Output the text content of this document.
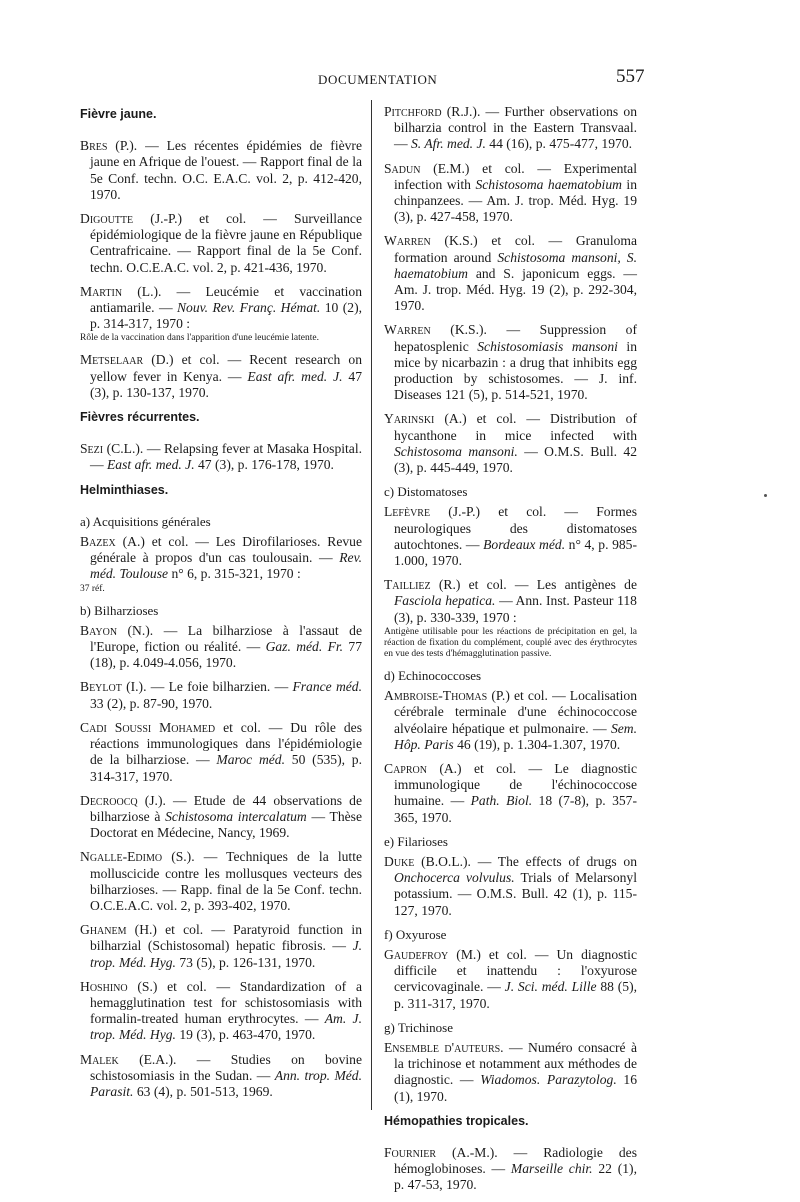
DOCUMENTATION	557
Fièvre jaune.
Bres (P.). — Les récentes épidémies de fièvre jaune en Afrique de l'ouest. — Rapport final de la 5e Conf. techn. O.C. E.A.C. vol. 2, p. 412-420, 1970.
Digoutte (J.-P.) et col. — Surveillance épidémiologique de la fièvre jaune en République Centrafricaine. — Rapport final de la 5e Conf. techn. O.C.E.A.C. vol. 2, p. 421-436, 1970.
Martin (L.). — Leucémie et vaccination antiamarile. — Nouv. Rev. Franç. Hémat. 10 (2), p. 314-317, 1970 :
Rôle de la vaccination dans l'apparition d'une leucémie latente.
Metselaar (D.) et col. — Recent research on yellow fever in Kenya. — East afr. med. J. 47 (3), p. 130-137, 1970.
Fièvres récurrentes.
Sezi (C.L.). — Relapsing fever at Masaka Hospital. — East afr. med. J. 47 (3), p. 176-178, 1970.
Helminthiases.
a) Acquisitions générales
Bazex (A.) et col. — Les Dirofilarioses. Revue générale à propos d'un cas toulousain. — Rev. méd. Toulouse n° 6, p. 315-321, 1970 :
37 réf.
b) Bilharzioses
Bayon (N.). — La bilharziose à l'assaut de l'Europe, fiction ou réalité. — Gaz. méd. Fr. 77 (18), p. 4.049-4.056, 1970.
Beylot (I.). — Le foie bilharzien. — France méd. 33 (2), p. 87-90, 1970.
Cadi Soussi Mohamed et col. — Du rôle des réactions immunologiques dans l'épidémiologie de la bilharziose. — Maroc méd. 50 (535), p. 314-317, 1970.
Decroocq (J.). — Etude de 44 observations de bilharziose à Schistosoma intercalatum — Thèse Doctorat en Médecine, Nancy, 1969.
Ngalle-Edimo (S.). — Techniques de la lutte molluscicide contre les mollusques vecteurs des bilharzioses. — Rapp. final de la 5e Conf. techn. O.C.E.A.C. vol. 2, p. 393-402, 1970.
Ghanem (H.) et col. — Paratyroid function in bilharzial (Schistosomal) hepatic fibrosis. — J. trop. Méd. Hyg. 73 (5), p. 126-131, 1970.
Hoshino (S.) et col. — Standardization of a hemagglutination test for schistosomiasis with formalin-treated human erythrocytes. — Am. J. trop. Méd. Hyg. 19 (3), p. 463-470, 1970.
Malek (E.A.). — Studies on bovine schistosomiasis in the Sudan. — Ann. trop. Méd. Parasit. 63 (4), p. 501-513, 1969.
Pitchford (R.J.). — Further observations on bilharzia control in the Eastern Transvaal. — S. Afr. med. J. 44 (16), p. 475-477, 1970.
Sadun (E.M.) et col. — Experimental infection with Schistosoma haematobium in chinpanzees. — Am. J. trop. Méd. Hyg. 19 (3), p. 427-458, 1970.
Warren (K.S.) et col. — Granuloma formation around Schistosoma mansoni, S. haematobium and S. japonicum eggs. — Am. J. trop. Méd. Hyg. 19 (2), p. 292-304, 1970.
Warren (K.S.). — Suppression of hepatosplenic Schistosomiasis mansoni in mice by nicarbazin : a drug that inhibits egg production by schistosomes. — J. inf. Diseases 121 (5), p. 514-521, 1970.
Yarinski (A.) et col. — Distribution of hycanthone in mice infected with Schistosoma mansoni. — O.M.S. Bull. 42 (3), p. 445-449, 1970.
c) Distomatoses
Lefèvre (J.-P.) et col. — Formes neurologiques des distomatoses autochtones. — Bordeaux méd. n° 4, p. 985-1.000, 1970.
Tailliez (R.) et col. — Les antigènes de Fasciola hepatica. — Ann. Inst. Pasteur 118 (3), p. 330-339, 1970 :
Antigène utilisable pour les réactions de précipitation en gel, la réaction de fixation du complément, couplé avec des érythrocytes en vue des tests d'hémagglutination passive.
d) Echinococcoses
Ambroise-Thomas (P.) et col. — Localisation cérébrale terminale d'une échinococcose alvéolaire hépatique et pulmonaire. — Sem. Hôp. Paris 46 (19), p. 1.304-1.307, 1970.
Capron (A.) et col. — Le diagnostic immunologique de l'échinococcose humaine. — Path. Biol. 18 (7-8), p. 357-365, 1970.
e) Filarioses
Duke (B.O.L.). — The effects of drugs on Onchocerca volvulus. Trials of Melarsonyl potassium. — O.M.S. Bull. 42 (1), p. 115-127, 1970.
f) Oxyurose
Gaudefroy (M.) et col. — Un diagnostic difficile et inattendu : l'oxyurose cervicovaginale. — J. Sci. méd. Lille 88 (5), p. 311-317, 1970.
g) Trichinose
Ensemble d'auteurs. — Numéro consacré à la trichinose et notamment aux méthodes de diagnostic. — Wiadomos. Parazytolog. 16 (1), 1970.
Hémopathies tropicales.
Fournier (A.-M.). — Radiologie des hémoglobinoses. — Marseille chir. 22 (1), p. 47-53, 1970.
